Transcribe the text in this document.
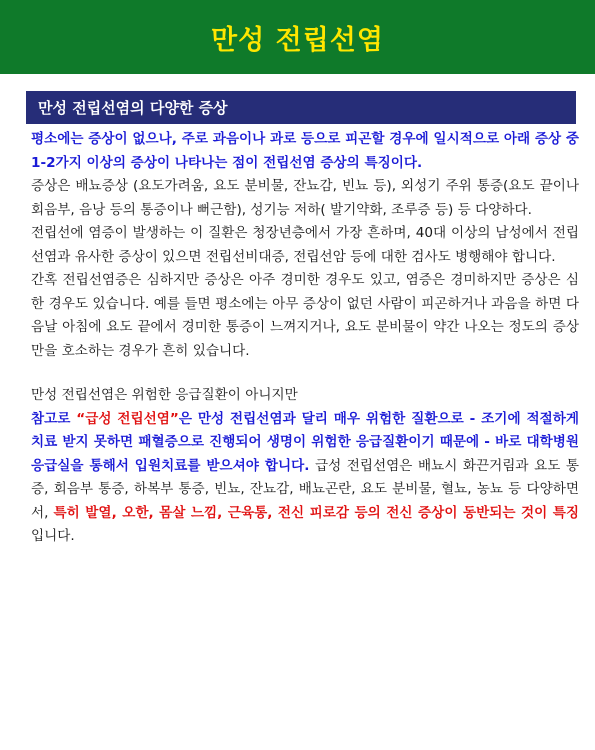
만성 전립선염
만성 전립선염의 다양한 증상

평소에는 증상이 없으나, 주로 과음이나 과로 등으로 피곤할 경우에 일시적으로 아래 증상 중 1-2가지 이상의 증상이 나타나는 점이 전립선염 증상의 특징이다.

증상은 배뇨증상 (요도가려움, 요도 분비물, 잔뇨감, 빈뇨 등), 외성기 주위 통증(요도 끝이나 회음부, 음낭 등의 통증이나 뻐근함), 성기능 저하( 발기약화, 조루증 등) 등 다양하다.

전립선에 염증이 발생하는 이 질환은 청장년층에서 가장 흔하며, 40대 이상의 남성에서 전립선염과 유사한 증상이 있으면 전립선비대증, 전립선암 등에 대한 검사도 병행해야 합니다.

간혹 전립선염증은 심하지만 증상은 아주 경미한 경우도 있고, 염증은 경미하지만 증상은 심한 경우도 있습니다. 예를 들면 평소에는 아무 증상이 없던 사람이 피곤하거나 과음을 하면 다음날 아침에 요도 끝에서 경미한 통증이 느껴지거나, 요도 분비물이 약간 나오는 정도의 증상만을 호소하는 경우가 흔히 있습니다.

만성 전립선염은 위험한 응급질환이 아니지만

참고로 “급성 전립선염”은 만성 전립선염과 달리 매우 위험한 질환으로 - 조기에 적절하게 치료 받지 못하면 패혈증으로 진행되어 생명이 위험한 응급질환이기 때문에 - 바로 대학병원 응급실을 통해서 입원치료를 받으셔야 합니다. 급성 전립선염은 배뇨시 화끈거림과 요도 통증, 회음부 통증, 하복부 통증, 빈뇨, 잔뇨감, 배뇨곤란, 요도 분비물, 혈뇨, 농뇨 등 다양하면서, 특히 발열, 오한, 몸살 느낌, 근육통, 전신 피로감 등의 전신 증상이 동반되는 것이 특징입니다.
